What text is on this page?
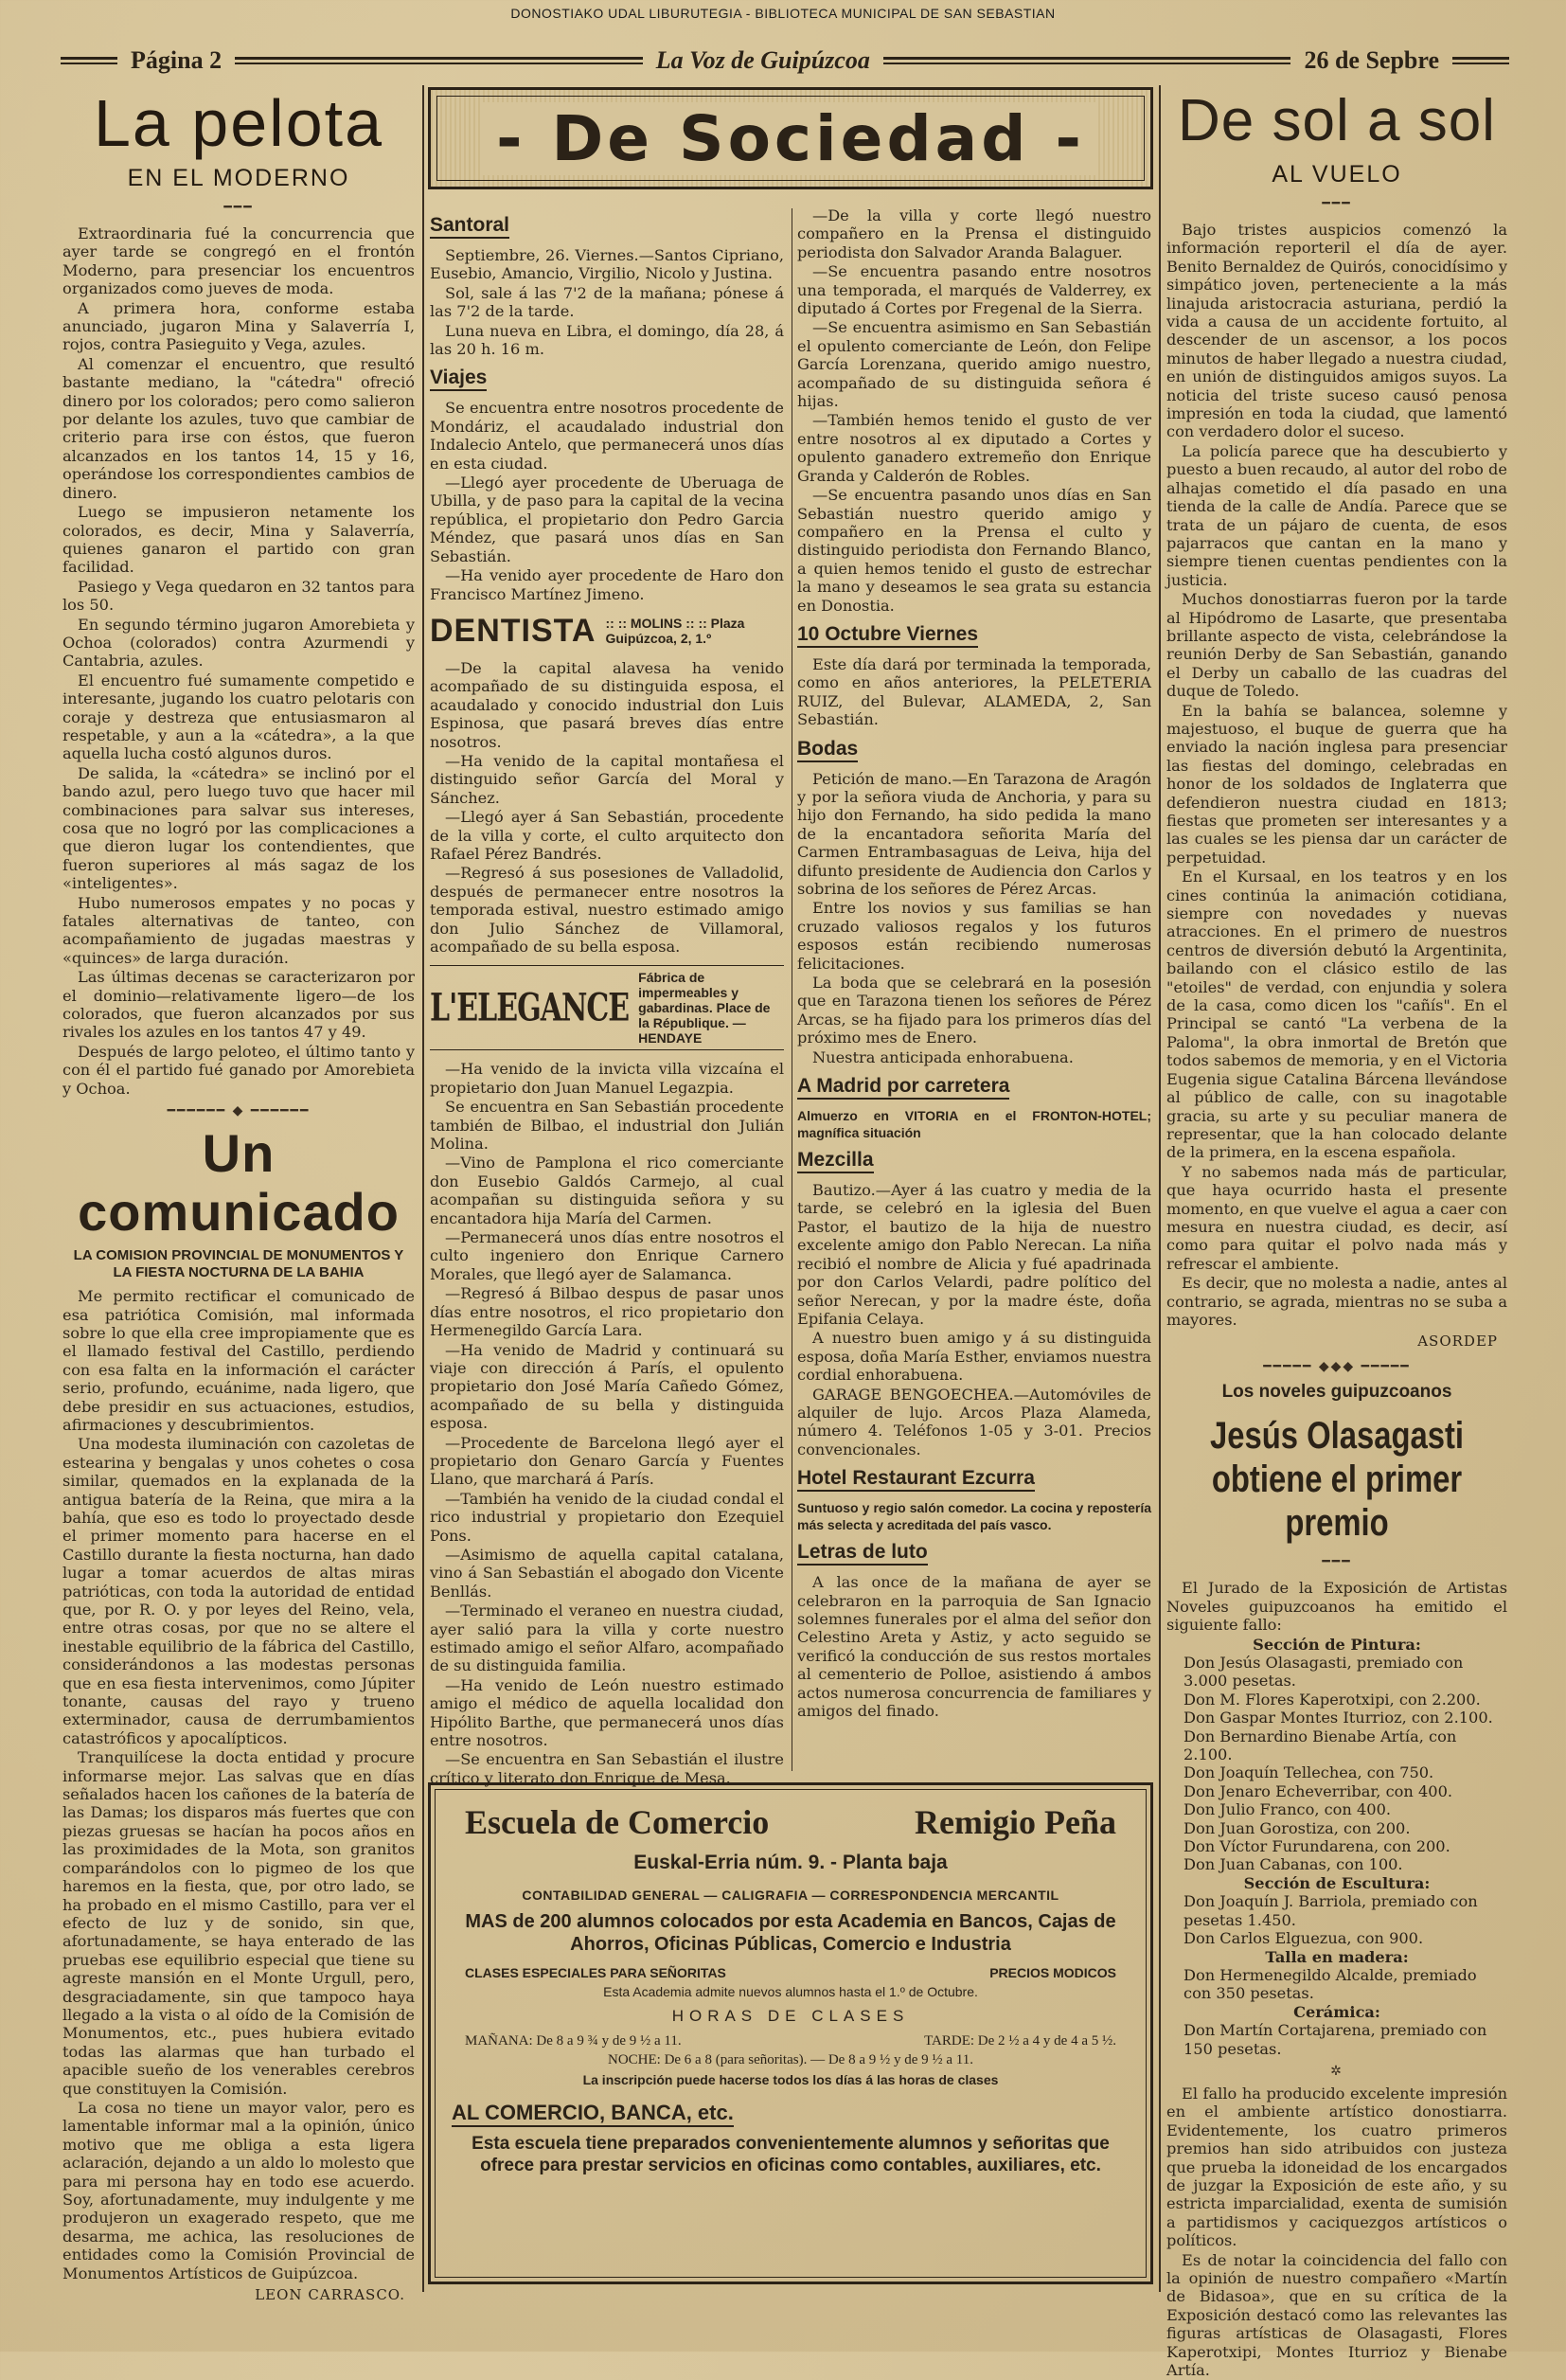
DONOSTIAKO UDAL LIBURUTEGIA - BIBLIOTECA MUNICIPAL DE SAN SEBASTIAN
Página 2	La Voz de Guipúzcoa	26 de Sepbre
La pelota
EN EL MODERNO
━━━

Extraordinaria fué la concurrencia que ayer tarde se congregó en el frontón Moderno, para presenciar los encuentros organizados como jueves de moda.

A primera hora, conforme estaba anunciado, jugaron Mina y Salaverría I, rojos, contra Pasieguito y Vega, azules.

Al comenzar el encuentro, que resultó bastante mediano, la "cátedra" ofreció dinero por los colorados; pero como salieron por delante los azules, tuvo que cambiar de criterio para irse con éstos, que fueron alcanzados en los tantos 14, 15 y 16, operándose los correspondientes cambios de dinero.

Luego se impusieron netamente los colorados, es decir, Mina y Salaverría, quienes ganaron el partido con gran facilidad.

Pasiego y Vega quedaron en 32 tantos para los 50.

En segundo término jugaron Amorebieta y Ochoa (colorados) contra Azurmendi y Cantabria, azules.

El encuentro fué sumamente competido e interesante, jugando los cuatro pelotaris con coraje y destreza que entusiasmaron al respetable, y aun a la «cátedra», a la que aquella lucha costó algunos duros.

De salida, la «cátedra» se inclinó por el bando azul, pero luego tuvo que hacer mil combinaciones para salvar sus intereses, cosa que no logró por las complicaciones a que dieron lugar los contendientes, que fueron superiores al más sagaz de los «inteligentes».

Hubo numerosos empates y no pocas y fatales alternativas de tanteo, con acompañamiento de jugadas maestras y «quinces» de larga duración.

Las últimas decenas se caracterizaron por el dominio—relativamente ligero—de los colorados, que fueron alcanzados por sus rivales los azules en los tantos 47 y 49.

Después de largo peloteo, el último tanto y con él el partido fué ganado por Amorebieta y Ochoa.

━━━━━━ ◆ ━━━━━━
Un comunicado
LA COMISION PROVINCIAL DE MONUMENTOS Y LA FIESTA NOCTURNA DE LA BAHIA

Me permito rectificar el comunicado de esa patriótica Comisión, mal informada sobre lo que ella cree impropiamente que es el llamado festival del Castillo, perdiendo con esa falta en la información el carácter serio, profundo, ecuánime, nada ligero, que debe presidir en sus actuaciones, estudios, afirmaciones y descubrimientos.

Una modesta iluminación con cazoletas de estearina y bengalas y unos cohetes o cosa similar, quemados en la explanada de la antigua batería de la Reina, que mira a la bahía, que eso es todo lo proyectado desde el primer momento para hacerse en el Castillo durante la fiesta nocturna, han dado lugar a tomar acuerdos de altas miras patrióticas, con toda la autoridad de entidad que, por R. O. y por leyes del Reino, vela, entre otras cosas, por que no se altere el inestable equilibrio de la fábrica del Castillo, considerándonos a las modestas personas que en esa fiesta intervenimos, como Júpiter tonante, causas del rayo y trueno exterminador, causa de derrumbamientos catastróficos y apocalípticos.

Tranquilícese la docta entidad y procure informarse mejor. Las salvas que en días señalados hacen los cañones de la batería de las Damas; los disparos más fuertes que con piezas gruesas se hacían ha pocos años en las proximidades de la Mota, son granitos comparándolos con lo pigmeo de los que haremos en la fiesta, que, por otro lado, se ha probado en el mismo Castillo, para ver el efecto de luz y de sonido, sin que, afortunadamente, se haya enterado de las pruebas ese equilibrio especial que tiene su agreste mansión en el Monte Urgull, pero, desgraciadamente, sin que tampoco haya llegado a la vista o al oído de la Comisión de Monumentos, etc., pues hubiera evitado todas las alarmas que han turbado el apacible sueño de los venerables cerebros que constituyen la Comisión.

La cosa no tiene un mayor valor, pero es lamentable informar mal a la opinión, único motivo que me obliga a esta ligera aclaración, dejando a un aldo lo molesto que para mi persona hay en todo ese acuerdo. Soy, afortunadamente, muy indulgente y me produjeron un exagerado respeto, que me desarma, me achica, las resoluciones de entidades como la Comisión Provincial de Monumentos Artísticos de Guipúzcoa.

LEON CARRASCO.
- De Sociedad -
Santoral

Septiembre, 26. Viernes.—Santos Cipriano, Eusebio, Amancio, Virgilio, Nicolo y Justina.

Sol, sale á las 7'2 de la mañana; pónese á las 7'2 de la tarde.

Luna nueva en Libra, el domingo, día 28, á las 20 h. 16 m.

Viajes

Se encuentra entre nosotros procedente de Mondáriz, el acaudalado industrial don Indalecio Antelo, que permanecerá unos días en esta ciudad.

—Llegó ayer procedente de Uberuaga de Ubilla, y de paso para la capital de la vecina república, el propietario don Pedro Garcia Méndez, que pasará unos días en San Sebastián.

—Ha venido ayer procedente de Haro don Francisco Martínez Jimeno.

DENTISTA :: :: MOLINS :: :: Plaza Guipúzcoa, 2, 1.º

—De la capital alavesa ha venido acompañado de su distinguida esposa, el acaudalado y conocido industrial don Luis Espinosa, que pasará breves días entre nosotros.

—Ha venido de la capital montañesa el distinguido señor García del Moral y Sánchez.

—Llegó ayer á San Sebastián, procedente de la villa y corte, el culto arquitecto don Rafael Pérez Bandrés.

—Regresó á sus posesiones de Valladolid, después de permanecer entre nosotros la temporada estival, nuestro estimado amigo don Julio Sánchez de Villamoral, acompañado de su bella esposa.

L'ELEGANCE
Fábrica de impermeables y gabardinas. Place de la République. — HENDAYE

—Ha venido de la invicta villa vizcaína el propietario don Juan Manuel Legazpia.

Se encuentra en San Sebastián procedente también de Bilbao, el industrial don Julián Molina.

—Vino de Pamplona el rico comerciante don Eusebio Galdós Carmejo, al cual acompañan su distinguida señora y su encantadora hija María del Carmen.

—Permanecerá unos días entre nosotros el culto ingeniero don Enrique Carnero Morales, que llegó ayer de Salamanca.

—Regresó á Bilbao despus de pasar unos días entre nosotros, el rico propietario don Hermenegildo García Lara.

—Ha venido de Madrid y continuará su viaje con dirección á París, el opulento propietario don José María Cañedo Gómez, acompañado de su bella y distinguida esposa.

—Procedente de Barcelona llegó ayer el propietario don Genaro García y Fuentes Llano, que marchará á París.

—También ha venido de la ciudad condal el rico industrial y propietario don Ezequiel Pons.

—Asimismo de aquella capital catalana, vino á San Sebastián el abogado don Vicente Benllás.

—Terminado el veraneo en nuestra ciudad, ayer salió para la villa y corte nuestro estimado amigo el señor Alfaro, acompañado de su distinguida familia.

—Ha venido de León nuestro estimado amigo el médico de aquella localidad don Hipólito Barthe, que permanecerá unos días entre nosotros.

—Se encuentra en San Sebastián el ilustre crítico y literato don Enrique de Mesa.

—De la villa y corte llegó nuestro compañero en la Prensa el distinguido periodista don Salvador Aranda Balaguer.

—Se encuentra pasando entre nosotros una temporada, el marqués de Valderrey, ex diputado á Cortes por Fregenal de la Sierra.

—Se encuentra asimismo en San Sebastián el opulento comerciante de León, don Felipe García Lorenzana, querido amigo nuestro, acompañado de su distinguida señora é hijas.

—También hemos tenido el gusto de ver entre nosotros al ex diputado a Cortes y opulento ganadero extremeño don Enrique Granda y Calderón de Robles.

—Se encuentra pasando unos días en San Sebastián nuestro querido amigo y compañero en la Prensa el culto y distinguido periodista don Fernando Blanco, a quien hemos tenido el gusto de estrechar la mano y deseamos le sea grata su estancia en Donostia.

10 Octubre Viernes

Este día dará por terminada la temporada, como en años anteriores, la PELETERIA RUIZ, del Bulevar, ALAMEDA, 2, San Sebastián.

Bodas

Petición de mano.—En Tarazona de Aragón y por la señora viuda de Anchoria, y para su hijo don Fernando, ha sido pedida la mano de la encantadora señorita María del Carmen Entrambasaguas de Leiva, hija del difunto presidente de Audiencia don Carlos y sobrina de los señores de Pérez Arcas.

Entre los novios y sus familias se han cruzado valiosos regalos y los futuros esposos están recibiendo numerosas felicitaciones.

La boda que se celebrará en la posesión que en Tarazona tienen los señores de Pérez Arcas, se ha fijado para los primeros días del próximo mes de Enero.

Nuestra anticipada enhorabuena.

A Madrid por carretera
Almuerzo en VITORIA en el FRONTON-HOTEL; magnífica situación
Mezcilla

Bautizo.—Ayer á las cuatro y media de la tarde, se celebró en la iglesia del Buen Pastor, el bautizo de la hija de nuestro excelente amigo don Pablo Nerecan. La niña recibió el nombre de Alicia y fué apadrinada por don Carlos Velardi, padre político del señor Nerecan, y por la madre éste, doña Epifania Celaya.

A nuestro buen amigo y á su distinguida esposa, doña María Esther, enviamos nuestra cordial enhorabuena.

GARAGE BENGOECHEA.—Automóviles de alquiler de lujo. Arcos Plaza Alameda, número 4. Teléfonos 1-05 y 3-01. Precios convencionales.

Hotel Restaurant Ezcurra
Suntuoso y regio salón comedor. La cocina y repostería más selecta y acreditada del país vasco.
Letras de luto

A las once de la mañana de ayer se celebraron en la parroquia de San Ignacio solemnes funerales por el alma del señor don Celestino Areta y Astiz, y acto seguido se verificó la conducción de sus restos mortales al cementerio de Polloe, asistiendo á ambos actos numerosa concurrencia de familiares y amigos del finado.

De sol a sol
AL VUELO
━━━

Bajo tristes auspicios comenzó la información reporteril el día de ayer. Benito Bernaldez de Quirós, conocidísimo y simpático joven, perteneciente a la más linajuda aristocracia asturiana, perdió la vida a causa de un accidente fortuito, al descender de un ascensor, a los pocos minutos de haber llegado a nuestra ciudad, en unión de distinguidos amigos suyos. La noticia del triste suceso causó penosa impresión en toda la ciudad, que lamentó con verdadero dolor el suceso.

La policía parece que ha descubierto y puesto a buen recaudo, al autor del robo de alhajas cometido el día pasado en una tienda de la calle de Andía. Parece que se trata de un pájaro de cuenta, de esos pajarracos que cantan en la mano y siempre tienen cuentas pendientes con la justicia.

Muchos donostiarras fueron por la tarde al Hipódromo de Lasarte, que presentaba brillante aspecto de vista, celebrándose la reunión Derby de San Sebastián, ganando el Derby un caballo de las cuadras del duque de Toledo.

En la bahía se balancea, solemne y majestuoso, el buque de guerra que ha enviado la nación inglesa para presenciar las fiestas del domingo, celebradas en honor de los soldados de Inglaterra que defendieron nuestra ciudad en 1813; fiestas que prometen ser interesantes y a las cuales se les piensa dar un carácter de perpetuidad.

En el Kursaal, en los teatros y en los cines continúa la animación cotidiana, siempre con novedades y nuevas atracciones. En el primero de nuestros centros de diversión debutó la Argentinita, bailando con el clásico estilo de las "etoiles" de verdad, con enjundia y solera de la casa, como dicen los "cañís". En el Principal se cantó "La verbena de la Paloma", la obra inmortal de Bretón que todos sabemos de memoria, y en el Victoria Eugenia sigue Catalina Bárcena llevándose al público de calle, con su inagotable gracia, su arte y su peculiar manera de representar, que la han colocado delante de la primera, en la escena española.

Y no sabemos nada más de particular, que haya ocurrido hasta el presente momento, en que vuelve el agua a caer con mesura en nuestra ciudad, es decir, así como para quitar el polvo nada más y refrescar el ambiente.

Es decir, que no molesta a nadie, antes al contrario, se agrada, mientras no se suba a mayores.

ASORDEP
━━━━━ ◆◆◆ ━━━━━
Los noveles guipuzcoanos
Jesús Olasagasti obtiene el primer premio
━━━

El Jurado de la Exposición de Artistas Noveles guipuzcoanos ha emitido el siguiente fallo:

Sección de Pintura:
Don Jesús Olasagasti, premiado con 3.000 pesetas.
Don M. Flores Kaperotxipi, con 2.200.
Don Gaspar Montes Iturrioz, con 2.100.
Don Bernardino Bienabe Artía, con 2.100.
Don Joaquín Tellechea, con 750.
Don Jenaro Echeverribar, con 400.
Don Julio Franco, con 400.
Don Juan Gorostiza, con 200.
Don Víctor Furundarena, con 200.
Don Juan Cabanas, con 100.
Sección de Escultura:
Don Joaquín J. Barriola, premiado con pesetas 1.450.
Don Carlos Elguezua, con 900.
Talla en madera:
Don Hermenegildo Alcalde, premiado con 350 pesetas.
Cerámica:
Don Martín Cortajarena, premiado con 150 pesetas.
✲

El fallo ha producido excelente impresión en el ambiente artístico donostiarra. Evidentemente, los cuatro primeros premios han sido atribuidos con justeza que prueba la idoneidad de los encargados de juzgar la Exposición de este año, y su estricta imparcialidad, exenta de sumisión a partidismos y caciquezgos artísticos o políticos.

Es de notar la coincidencia del fallo con la opinión de nuestro compañero «Martín de Bidasoa», que en su crítica de la Exposición destacó como las relevantes las figuras artísticas de Olasagasti, Flores Kaperotxipi, Montes Iturrioz y Bienabe Artía.

Escuela de Comercio	Remigio Peña
Euskal-Erria núm. 9. - Planta baja
CONTABILIDAD GENERAL — CALIGRAFIA — CORRESPONDENCIA MERCANTIL
MAS de 200 alumnos colocados por esta Academia en Bancos, Cajas de Ahorros, Oficinas Públicas, Comercio e Industria
CLASES ESPECIALES PARA SEÑORITAS	PRECIOS MODICOS
Esta Academia admite nuevos alumnos hasta el 1.º de Octubre.
HORAS DE CLASES
MAÑANA: De 8 a 9 ¾ y de 9 ½ a 11.	TARDE: De 2 ½ a 4 y de 4 a 5 ½.
NOCHE: De 6 a 8 (para señoritas). — De 8 a 9 ½ y de 9 ½ a 11.
La inscripción puede hacerse todos los días á las horas de clases
AL COMERCIO, BANCA, etc.
Esta escuela tiene preparados convenientemente alumnos y señoritas que ofrece para prestar servicios en oficinas como contables, auxiliares, etc.
